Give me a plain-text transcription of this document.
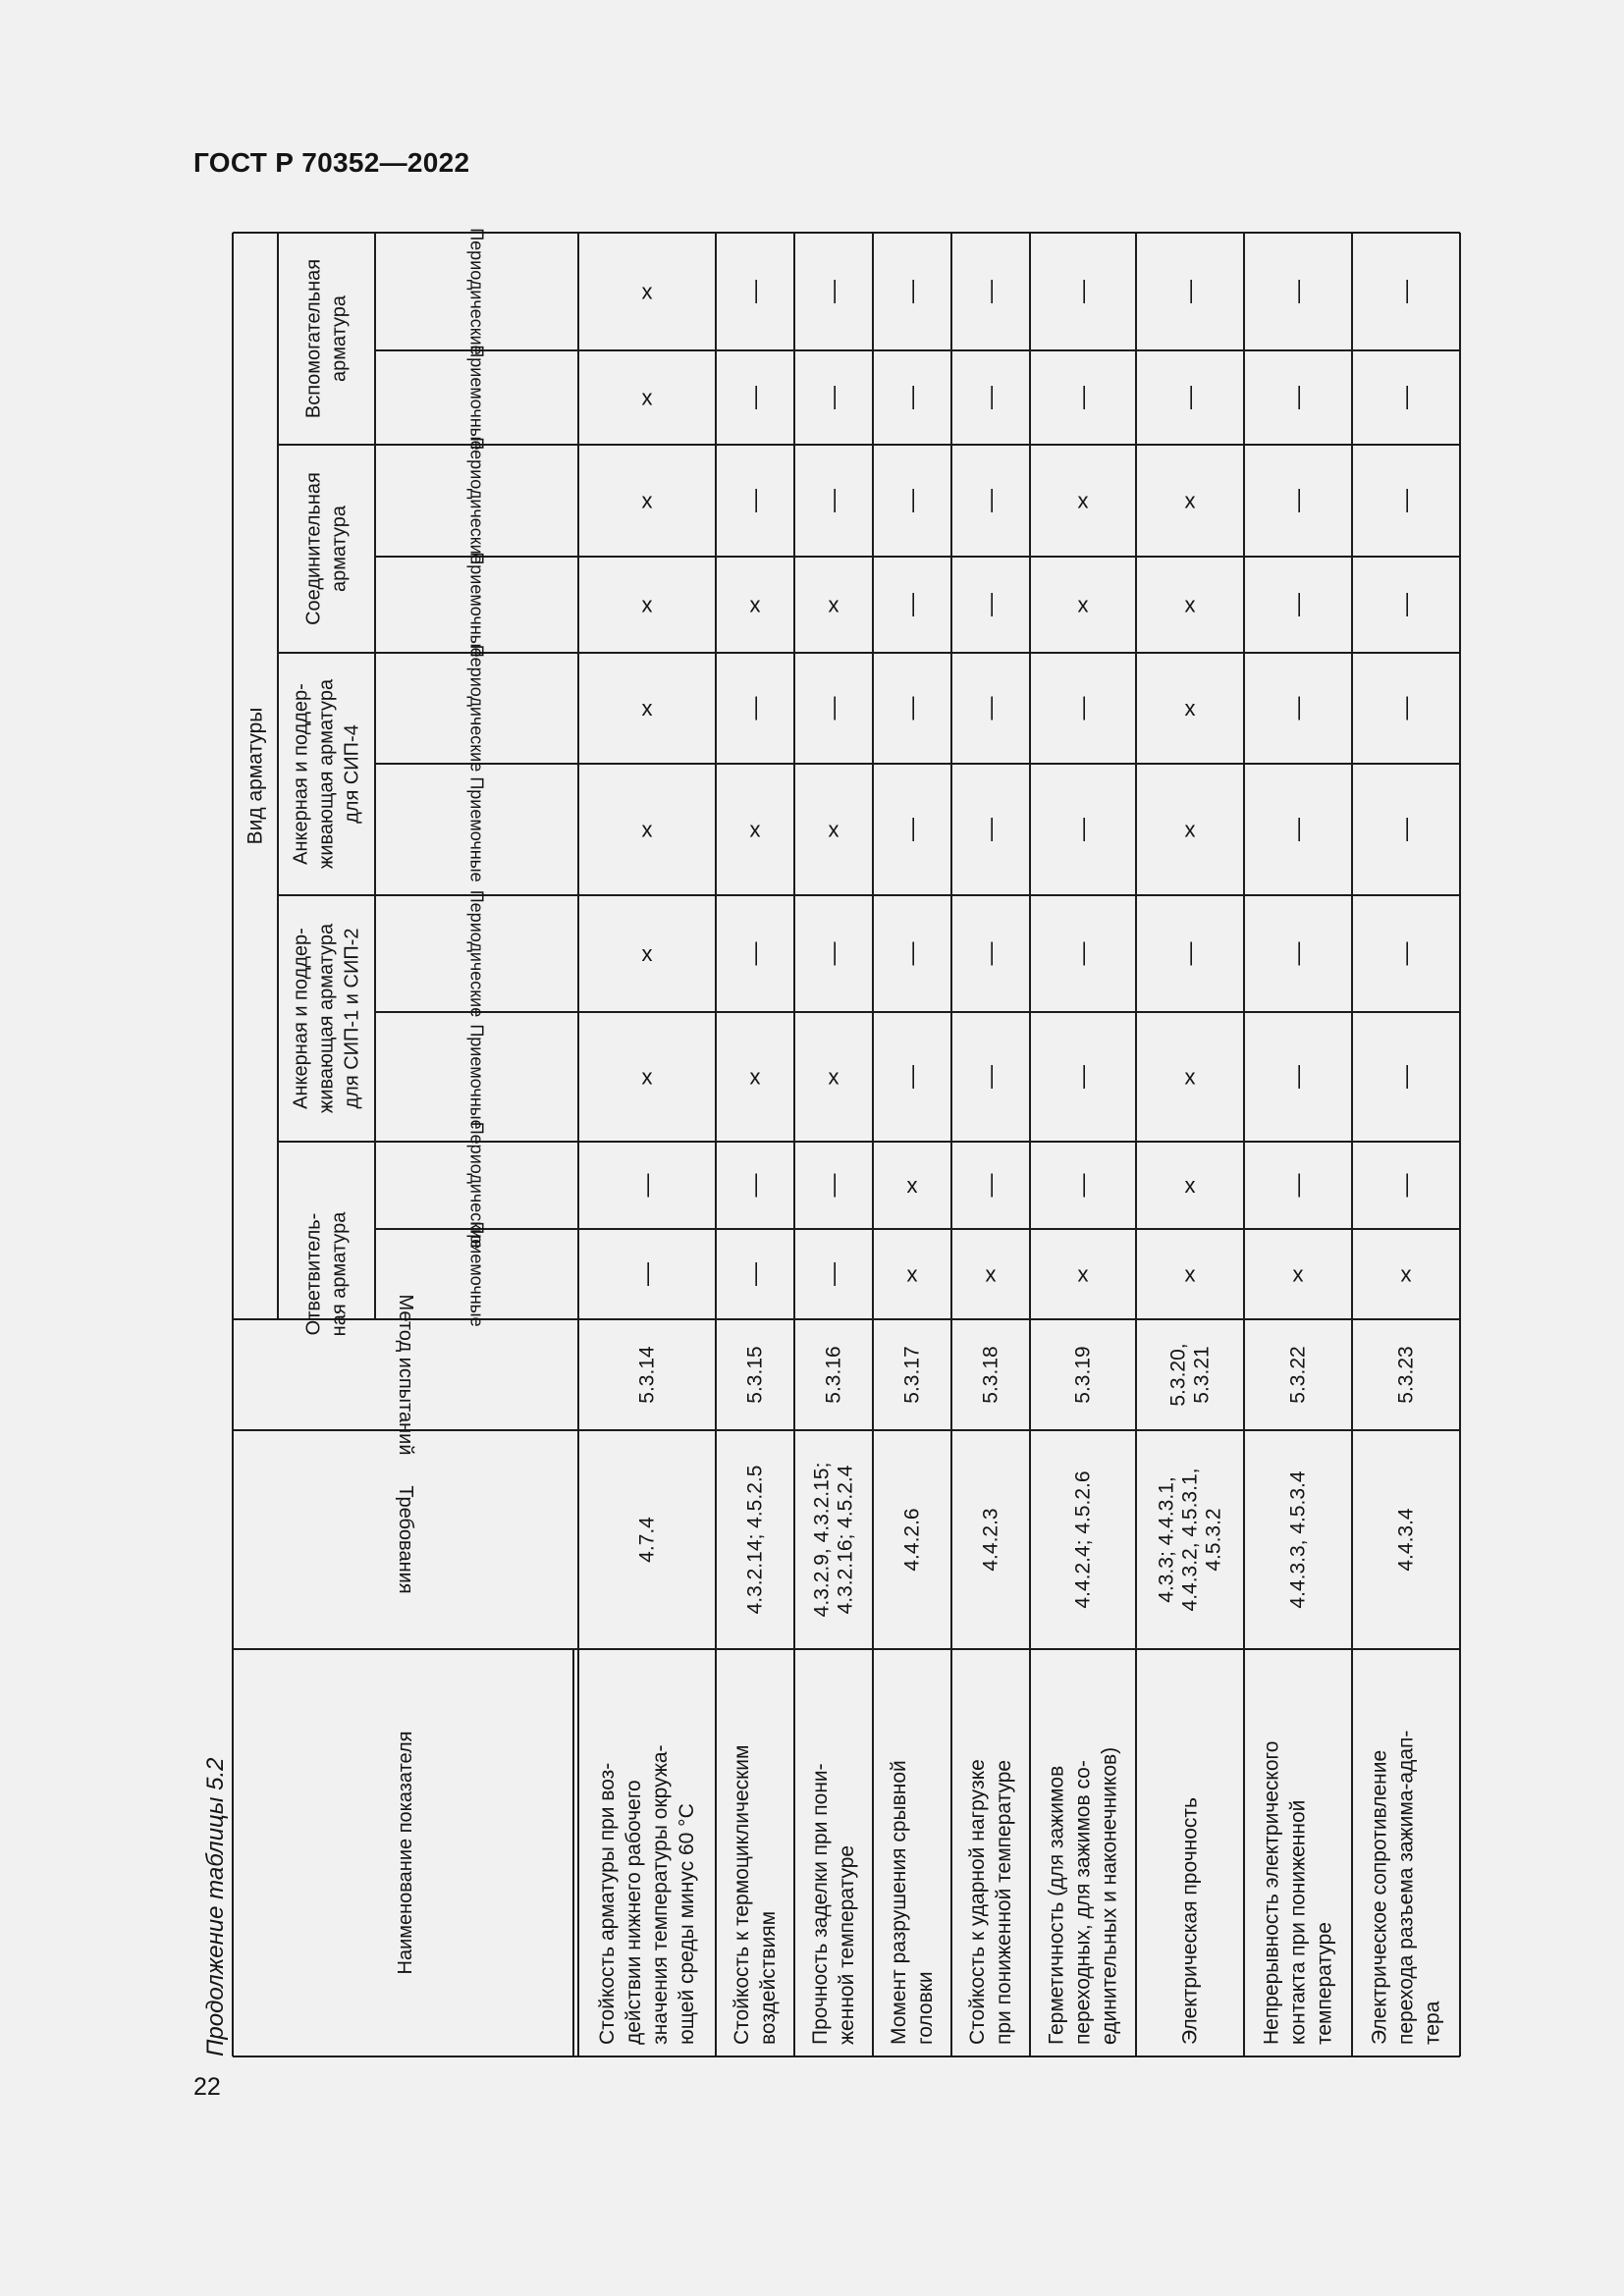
ГОСТ Р 70352—2022
Продолжение таблицы 5.2
22
Наименование показателя
Требования
Метод испытаний
Вид арматуры
Ответвитель- ная арматура
Анкерная и поддер- живающая арматура для СИП-1 и СИП-2
Анкерная и поддер- живающая арматура для СИП-4
Соединительная арматура
Вспомогательная арматура
Приемочные
Периодические
Приемочные
Периодические
Приемочные
Периодические
Приемочные
Периодические
Приемочные
Периодические
Стойкость арматуры при воз- действии нижнего рабочего значения температуры окружа- ющей среды минус 60 °С
4.7.4
5.3.14
—
—
х
х
х
х
х
х
х
х
Стойкость к термоциклическим воздействиям
4.3.2.14; 4.5.2.5
5.3.15
—
—
х
—
х
—
х
—
—
—
Прочность заделки при пони- женной температуре
4.3.2.9, 4.3.2.15; 4.3.2.16; 4.5.2.4
5.3.16
—
—
х
—
х
—
х
—
—
—
Момент разрушения срывной головки
4.4.2.6
5.3.17
х
х
—
—
—
—
—
—
—
—
Стойкость к ударной нагрузке при пониженной температуре
4.4.2.3
5.3.18
х
—
—
—
—
—
—
—
—
—
Герметичность (для зажимов переходных, для зажимов со- единительных и наконечников)
4.4.2.4; 4.5.2.6
5.3.19
х
—
—
—
—
—
х
х
—
—
Электрическая прочность
4.3.3; 4.4.3.1, 4.4.3.2, 4.5.3.1, 4.5.3.2
5.3.20, 5.3.21
х
х
х
—
х
х
х
х
—
—
Непрерывность электрического контакта при пониженной температуре
4.4.3.3, 4.5.3.4
5.3.22
х
—
—
—
—
—
—
—
—
—
Электрическое сопротивление перехода разъема зажима-адап- тера
4.4.3.4
5.3.23
х
—
—
—
—
—
—
—
—
—
